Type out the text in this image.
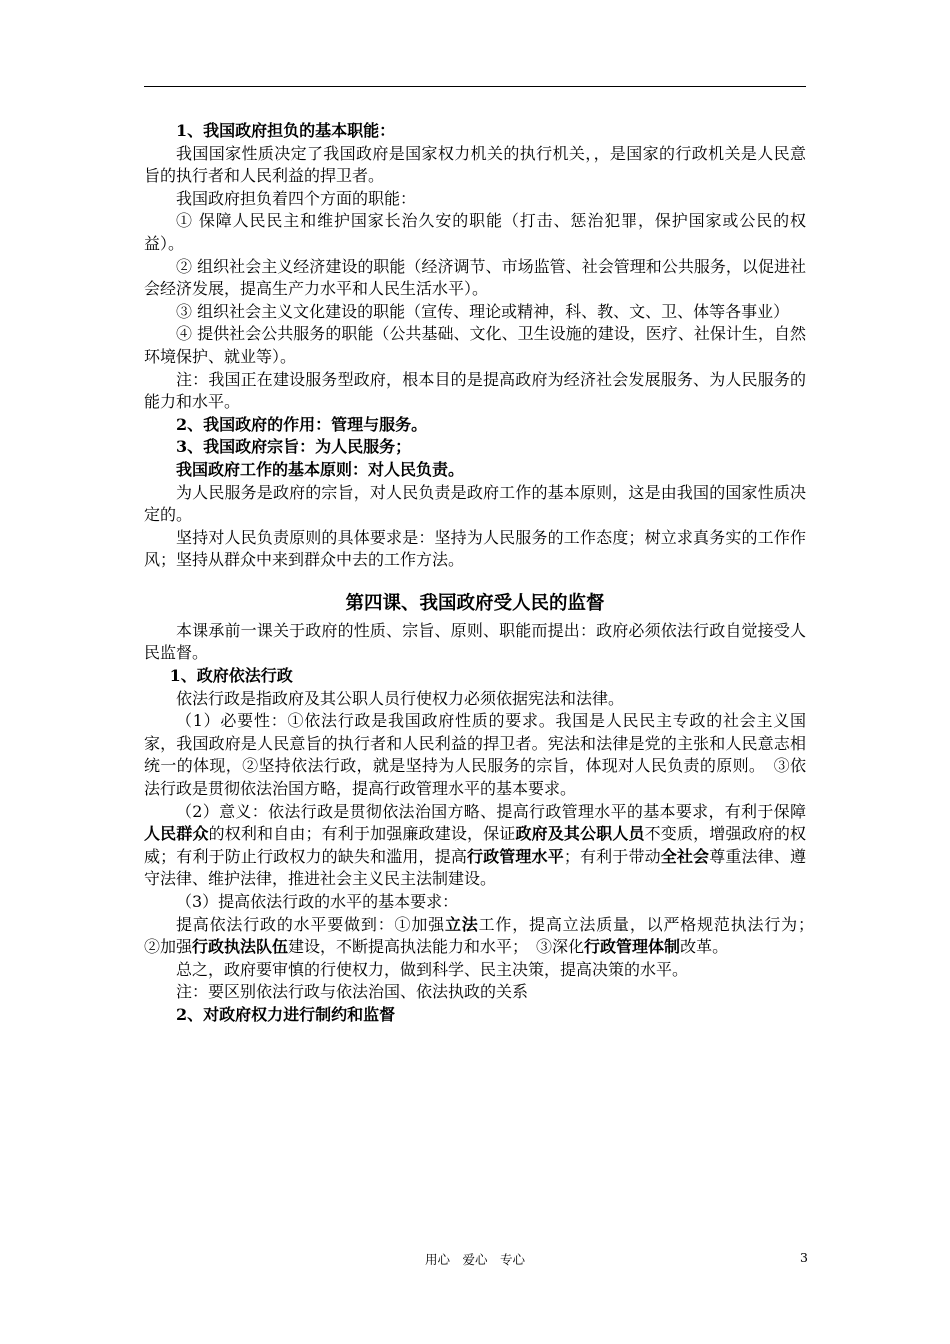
1、我国政府担负的基本职能：

我国国家性质决定了我国政府是国家权力机关的执行机关，，是国家的行政机关是人民意旨的执行者和人民利益的捍卫者。

我国政府担负着四个方面的职能：

① 保障人民民主和维护国家长治久安的职能（打击、惩治犯罪，保护国家或公民的权益）。

② 组织社会主义经济建设的职能（经济调节、市场监管、社会管理和公共服务，以促进社会经济发展，提高生产力水平和人民生活水平）。

③ 组织社会主义文化建设的职能（宣传、理论或精神，科、教、文、卫、体等各事业）

④ 提供社会公共服务的职能（公共基础、文化、卫生设施的建设，医疗、社保计生，自然环境保护、就业等）。

注：我国正在建设服务型政府，根本目的是提高政府为经济社会发展服务、为人民服务的能力和水平。

2、我国政府的作用：管理与服务。

3、我国政府宗旨：为人民服务；

我国政府工作的基本原则：对人民负责。

为人民服务是政府的宗旨，对人民负责是政府工作的基本原则，这是由我国的国家性质决定的。

坚持对人民负责原则的具体要求是：坚持为人民服务的工作态度；树立求真务实的工作作风；坚持从群众中来到群众中去的工作方法。

第四课、我国政府受人民的监督

本课承前一课关于政府的性质、宗旨、原则、职能而提出：政府必须依法行政自觉接受人民监督。

1、政府依法行政

依法行政是指政府及其公职人员行使权力必须依据宪法和法律。

（1）必要性：①依法行政是我国政府性质的要求。我国是人民民主专政的社会主义国家，我国政府是人民意旨的执行者和人民利益的捍卫者。宪法和法律是党的主张和人民意志相统一的体现，②坚持依法行政，就是坚持为人民服务的宗旨，体现对人民负责的原则。　③依法行政是贯彻依法治国方略，提高行政管理水平的基本要求。

（2）意义：依法行政是贯彻依法治国方略、提高行政管理水平的基本要求，有利于保障人民群众的权利和自由；有利于加强廉政建设，保证政府及其公职人员不变质，增强政府的权威；有利于防止行政权力的缺失和滥用，提高行政管理水平；有利于带动全社会尊重法律、遵守法律、维护法律，推进社会主义民主法制建设。

（3）提高依法行政的水平的基本要求：

提高依法行政的水平要做到：①加强立法工作，提高立法质量，以严格规范执法行为；　②加强行政执法队伍建设，不断提高执法能力和水平；　③深化行政管理体制改革。

总之，政府要审慎的行使权力，做到科学、民主决策，提高决策的水平。

注：要区别依法行政与依法治国、依法执政的关系

2、对政府权力进行制约和监督

用心　爱心　专心	3
